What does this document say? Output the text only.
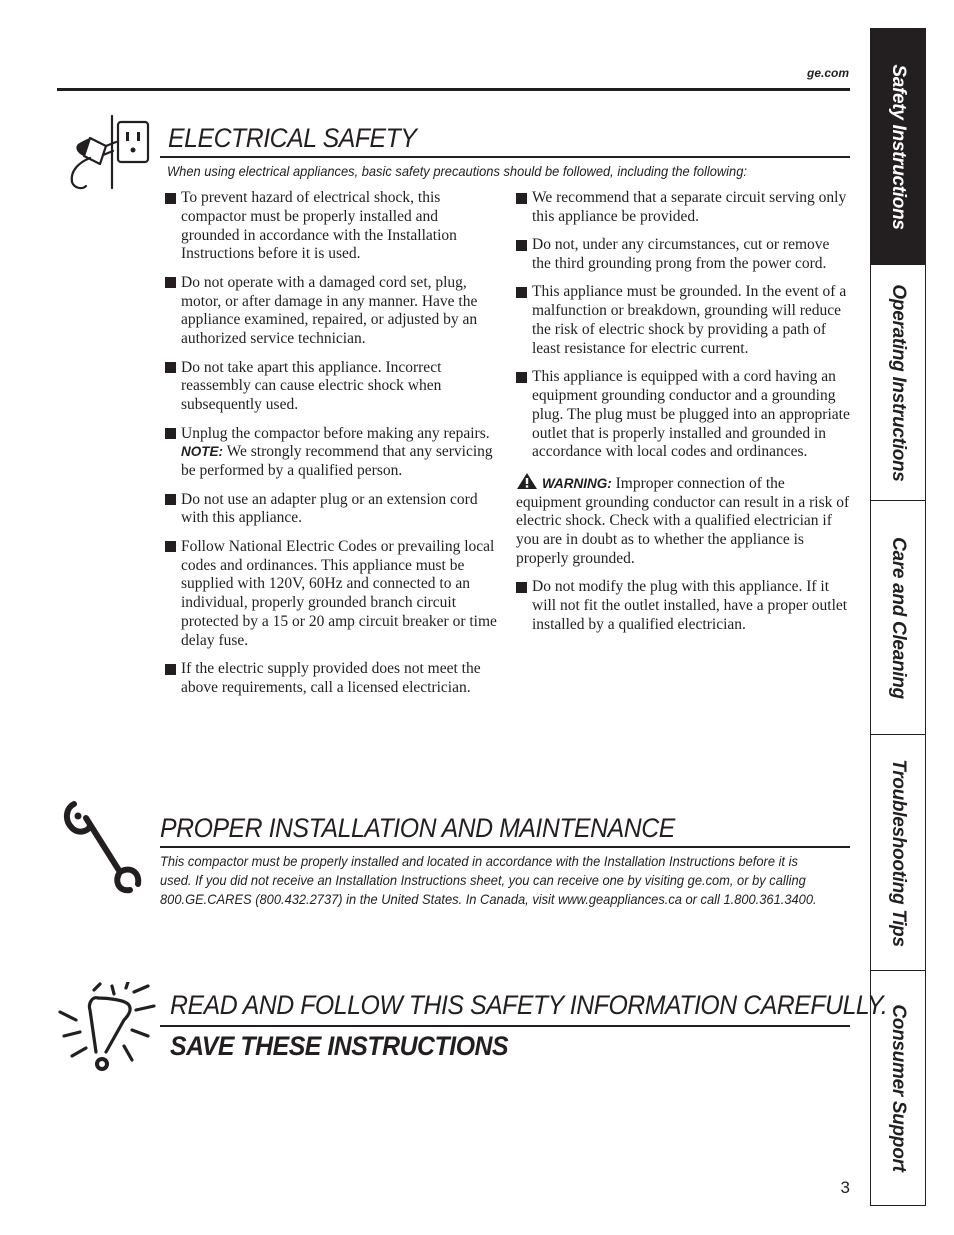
ge.com
ELECTRICAL SAFETY
When using electrical appliances, basic safety precautions should be followed, including the following:
To prevent hazard of electrical shock, this compactor must be properly installed and grounded in accordance with the Installation Instructions before it is used.
Do not operate with a damaged cord set, plug, motor, or after damage in any manner. Have the appliance examined, repaired, or adjusted by an authorized service technician.
Do not take apart this appliance. Incorrect reassembly can cause electric shock when subsequently used.
Unplug the compactor before making any repairs. NOTE: We strongly recommend that any servicing be performed by a qualified person.
Do not use an adapter plug or an extension cord with this appliance.
Follow National Electric Codes or prevailing local codes and ordinances. This appliance must be supplied with 120V, 60Hz and connected to an individual, properly grounded branch circuit protected by a 15 or 20 amp circuit breaker or time delay fuse.
If the electric supply provided does not meet the above requirements, call a licensed electrician.
We recommend that a separate circuit serving only this appliance be provided.
Do not, under any circumstances, cut or remove the third grounding prong from the power cord.
This appliance must be grounded. In the event of a malfunction or breakdown, grounding will reduce the risk of electric shock by providing a path of least resistance for electric current.
This appliance is equipped with a cord having an equipment grounding conductor and a grounding plug. The plug must be plugged into an appropriate outlet that is properly installed and grounded in accordance with local codes and ordinances.
WARNING: Improper connection of the equipment grounding conductor can result in a risk of electric shock. Check with a qualified electrician if you are in doubt as to whether the appliance is properly grounded.
Do not modify the plug with this appliance. If it will not fit the outlet installed, have a proper outlet installed by a qualified electrician.
PROPER INSTALLATION AND MAINTENANCE
This compactor must be properly installed and located in accordance with the Installation Instructions before it is used. If you did not receive an Installation Instructions sheet, you can receive one by visiting ge.com, or by calling 800.GE.CARES (800.432.2737) in the United States. In Canada, visit www.geappliances.ca or call 1.800.361.3400.
READ AND FOLLOW THIS SAFETY INFORMATION CAREFULLY.
SAVE THESE INSTRUCTIONS
Safety Instructions
Operating Instructions
Care and Cleaning
Troubleshooting Tips
Consumer Support
3
